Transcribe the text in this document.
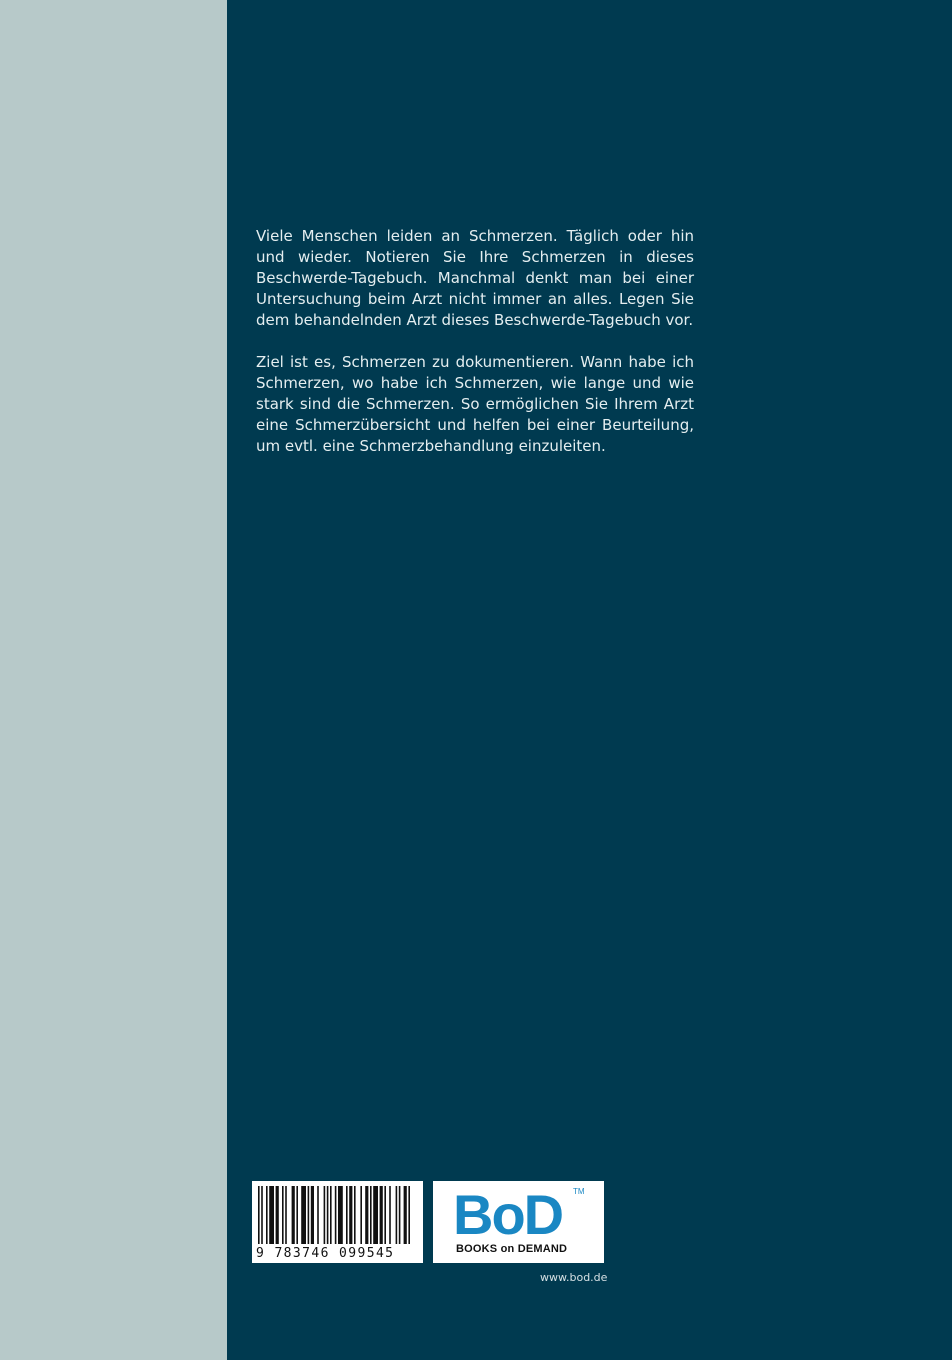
Viele Menschen leiden an Schmerzen. Täglich oder hin und wieder. Notieren Sie Ihre Schmerzen in dieses Beschwerde-Tagebuch. Manchmal denkt man bei einer Untersuchung beim Arzt nicht immer an alles. Legen Sie dem behandelnden Arzt dieses Beschwerde-Tagebuch vor.

Ziel ist es, Schmerzen zu dokumentieren. Wann habe ich Schmerzen, wo habe ich Schmerzen, wie lange und wie stark sind die Schmerzen. So ermöglichen Sie Ihrem Arzt eine Schmerzübersicht und helfen bei einer Beurteilung, um evtl. eine Schmerzbehandlung einzuleiten.

9 783746 099545
BoD TM
BOOKS on DEMAND
www.bod.de
